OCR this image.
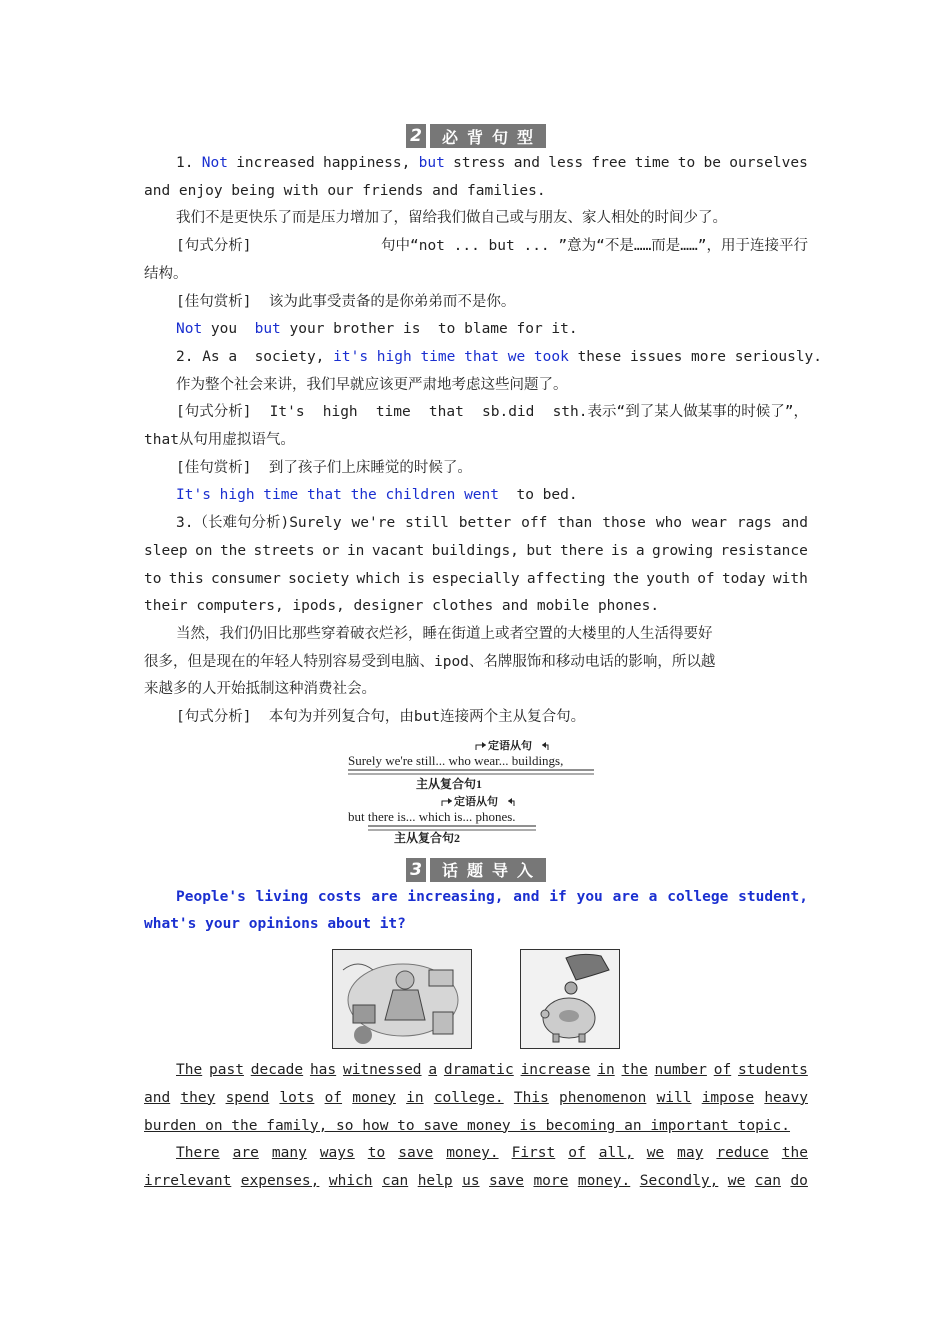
2	必背句型
1. Not increased happiness, but stress and less free time to be ourselves
and enjoy being with our friends and families.
我们不是更快乐了而是压力增加了，留给我们做自己或与朋友、家人相处的时间少了。
[句式分析]	句中“not ... but ... ”意为“不是……而是……”，用于连接平行
结构。
[佳句赏析]  该为此事受责备的是你弟弟而不是你。
Not you  but your brother is  to blame for it.
2. As a  society, it's high time that we took these issues more seriously.
作为整个社会来讲，我们早就应该更严肃地考虑这些问题了。
[句式分析] It's high time that sb.did sth.表示“到了某人做某事的时候了”，
that从句用虚拟语气。
[佳句赏析]  到了孩子们上床睡觉的时候了。
It's high time that the children went  to bed.
3.（长难句分析)Surely we're still better off than those who wear rags and
sleep on the streets or in vacant buildings, but there is a growing resistance
to this consumer society which is especially affecting the youth of today with
their computers, ipods, designer clothes and mobile phones.
当然，我们仍旧比那些穿着破衣烂衫，睡在街道上或者空置的大楼里的人生活得要好
很多，但是现在的年轻人特别容易受到电脑、ipod、名牌服饰和移动电话的影响，所以越
来越多的人开始抵制这种消费社会。
[句式分析]  本句为并列复合句，由but连接两个主从复合句。
定语从句
Surely we're still... who wear... buildings,
主从复合句1
定语从句
but there is... which is... phones.
主从复合句2
3	话题导入
People's living costs are increasing, and if you are a college student,
what's your opinions about it?
The past decade has witnessed a dramatic increase in the number of students
and they spend lots of money in college. This phenomenon will impose heavy
burden on the family, so how to save money is becoming an important topic.
There are many ways to save money. First of all, we may reduce the
irrelevant expenses, which can help us save more money. Secondly, we can do
